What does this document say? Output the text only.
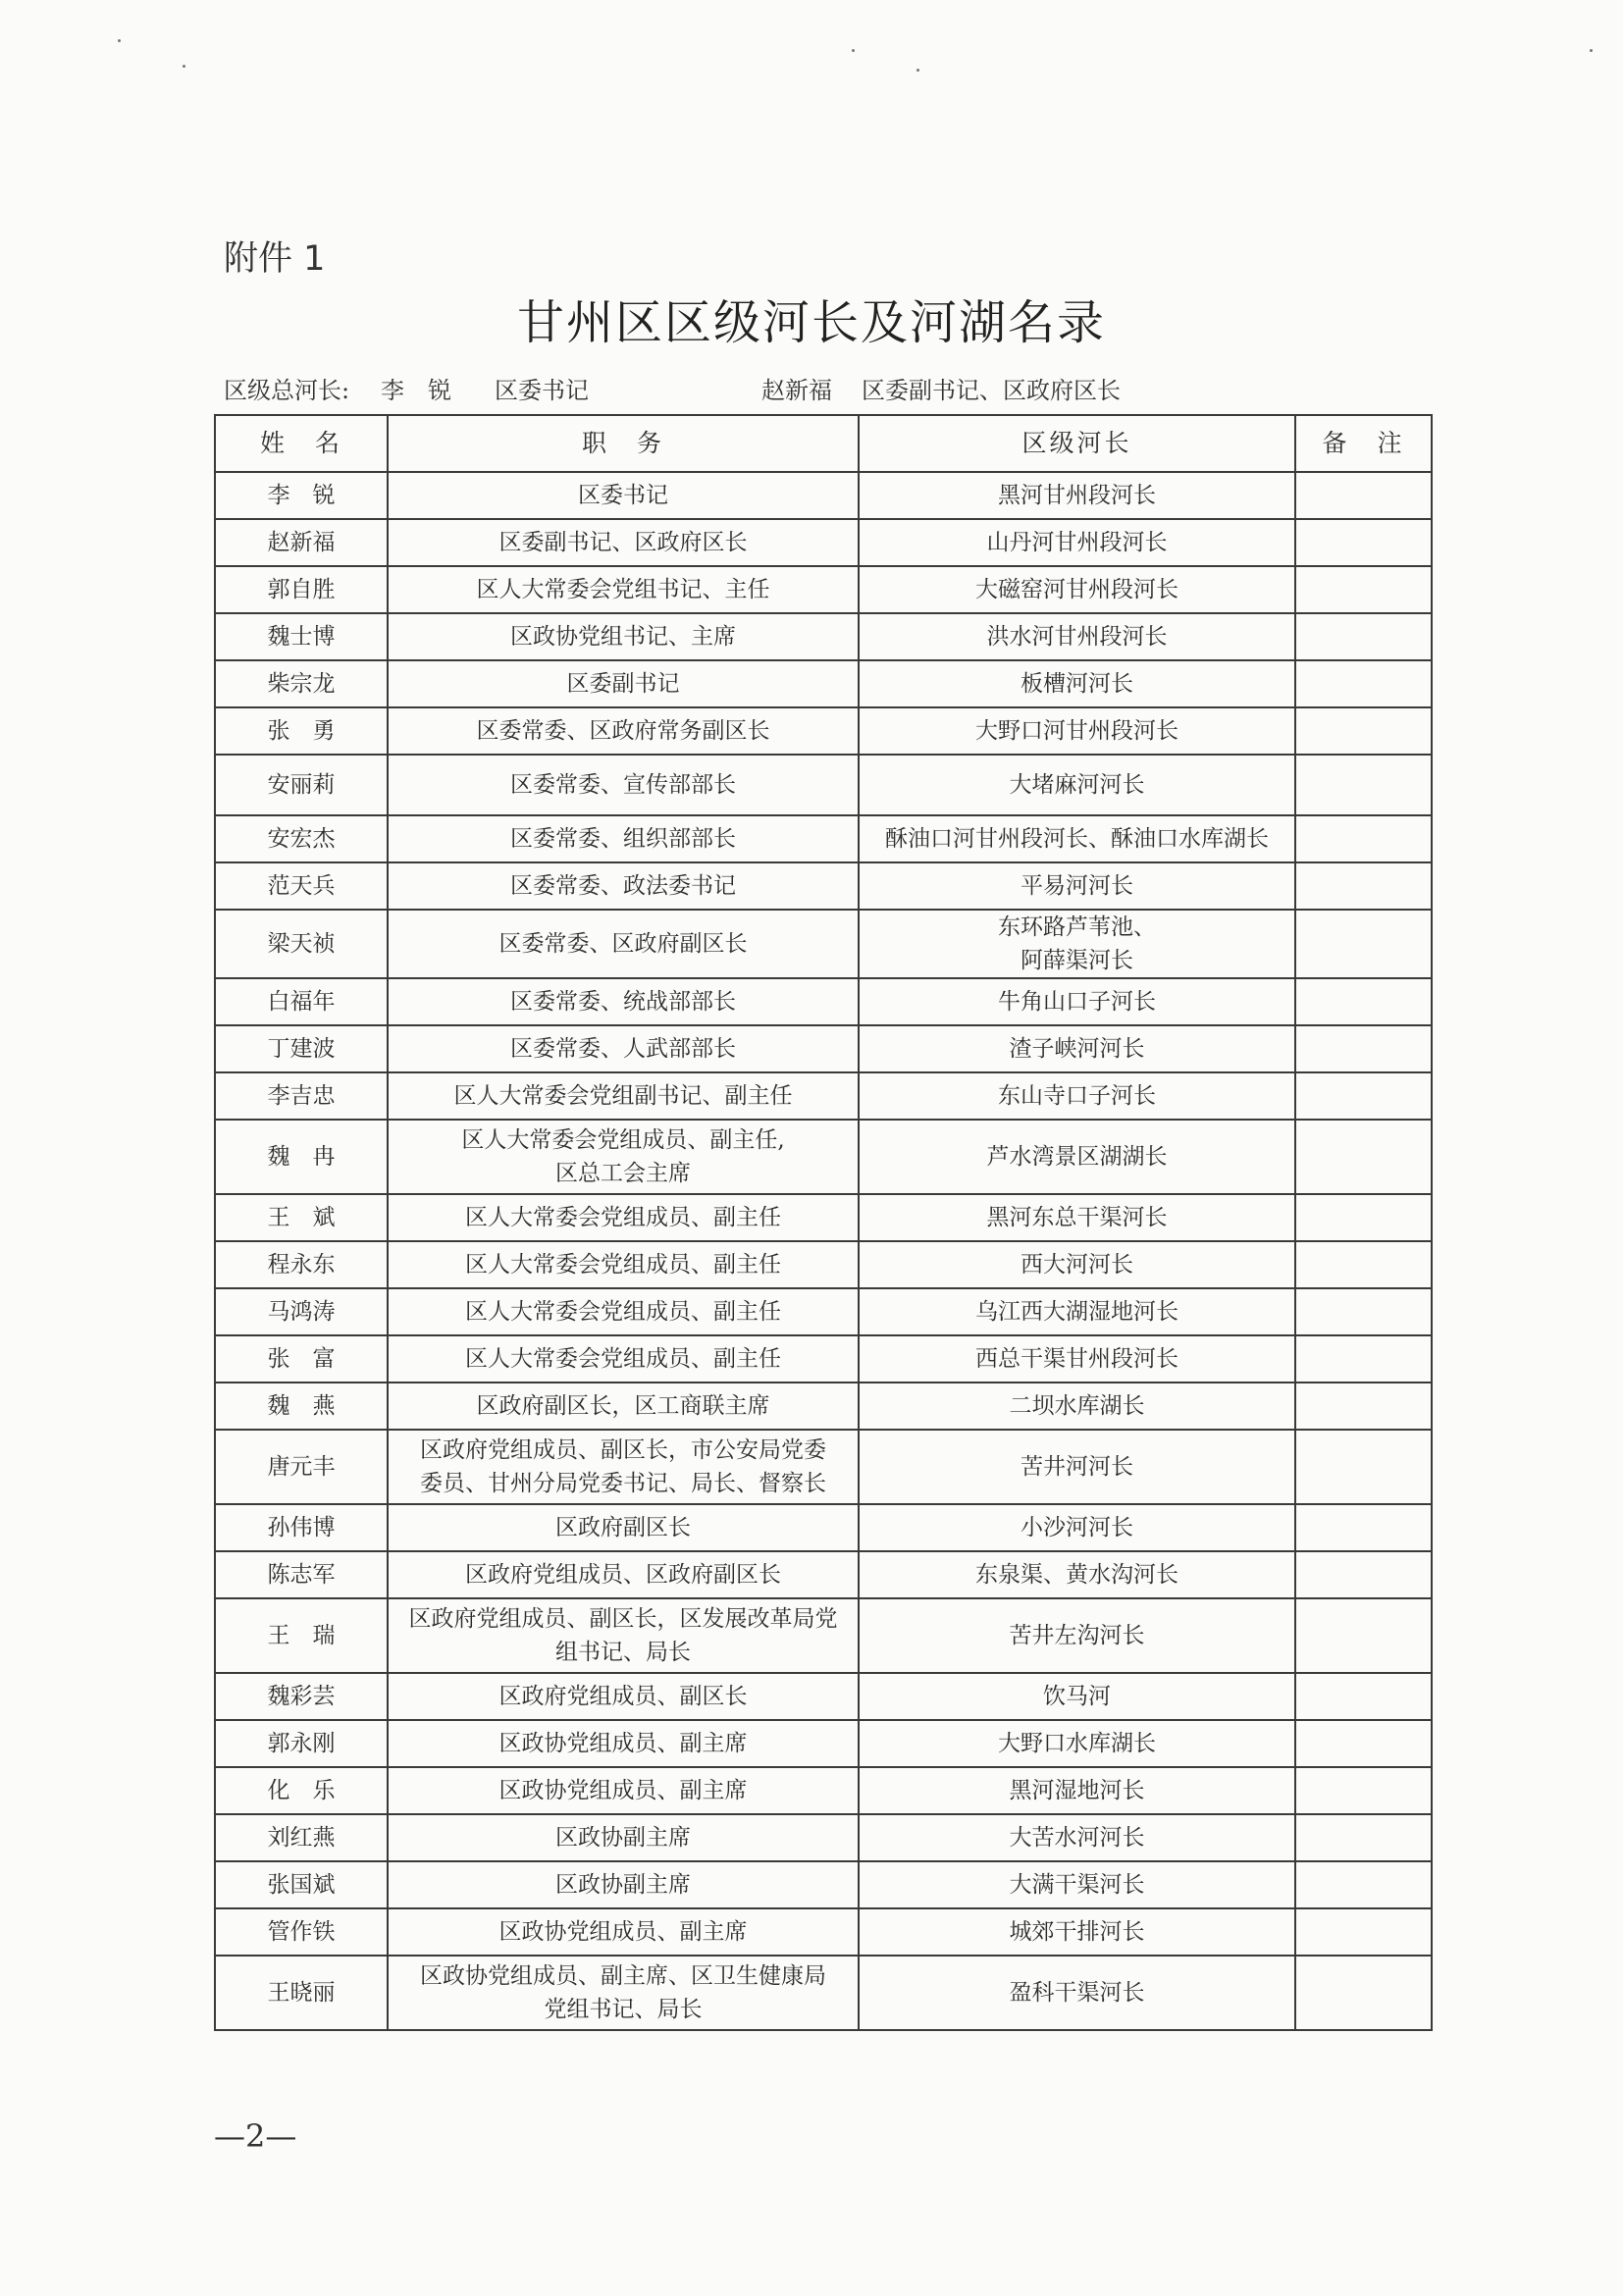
附件 1
甘州区区级河长及河湖名录
区级总河长: 李　锐 区委书记	赵新福 区委副书记、区政府区长
姓　名	职　务	区级河长	备　注
李　锐	区委书记	黑河甘州段河长	
赵新福	区委副书记、区政府区长	山丹河甘州段河长	
郭自胜	区人大常委会党组书记、主任	大磁窑河甘州段河长	
魏士博	区政协党组书记、主席	洪水河甘州段河长	
柴宗龙	区委副书记	板槽河河长	
张　勇	区委常委、区政府常务副区长	大野口河甘州段河长	
安丽莉	区委常委、宣传部部长	大堵麻河河长	
安宏杰	区委常委、组织部部长	酥油口河甘州段河长、酥油口水库湖长	
范天兵	区委常委、政法委书记	平易河河长	
梁天祯	区委常委、区政府副区长	东环路芦苇池、
阿薛渠河长	
白福年	区委常委、统战部部长	牛角山口子河长	
丁建波	区委常委、人武部部长	渣子峡河河长	
李吉忠	区人大常委会党组副书记、副主任	东山寺口子河长	
魏　冉	区人大常委会党组成员、副主任,
区总工会主席	芦水湾景区湖湖长	
王　斌	区人大常委会党组成员、副主任	黑河东总干渠河长	
程永东	区人大常委会党组成员、副主任	西大河河长	
马鸿涛	区人大常委会党组成员、副主任	乌江西大湖湿地河长	
张　富	区人大常委会党组成员、副主任	西总干渠甘州段河长	
魏　燕	区政府副区长，区工商联主席	二坝水库湖长	
唐元丰	区政府党组成员、副区长，市公安局党委
委员、甘州分局党委书记、局长、督察长	苦井河河长	
孙伟博	区政府副区长	小沙河河长	
陈志军	区政府党组成员、区政府副区长	东泉渠、黄水沟河长	
王　瑞	区政府党组成员、副区长，区发展改革局党
组书记、局长	苦井左沟河长	
魏彩芸	区政府党组成员、副区长	饮马河	
郭永刚	区政协党组成员、副主席	大野口水库湖长	
化　乐	区政协党组成员、副主席	黑河湿地河长	
刘红燕	区政协副主席	大苦水河河长	
张国斌	区政协副主席	大满干渠河长	
管作铁	区政协党组成员、副主席	城郊干排河长	
王晓丽	区政协党组成员、副主席、区卫生健康局
党组书记、局长	盈科干渠河长	
—2—
